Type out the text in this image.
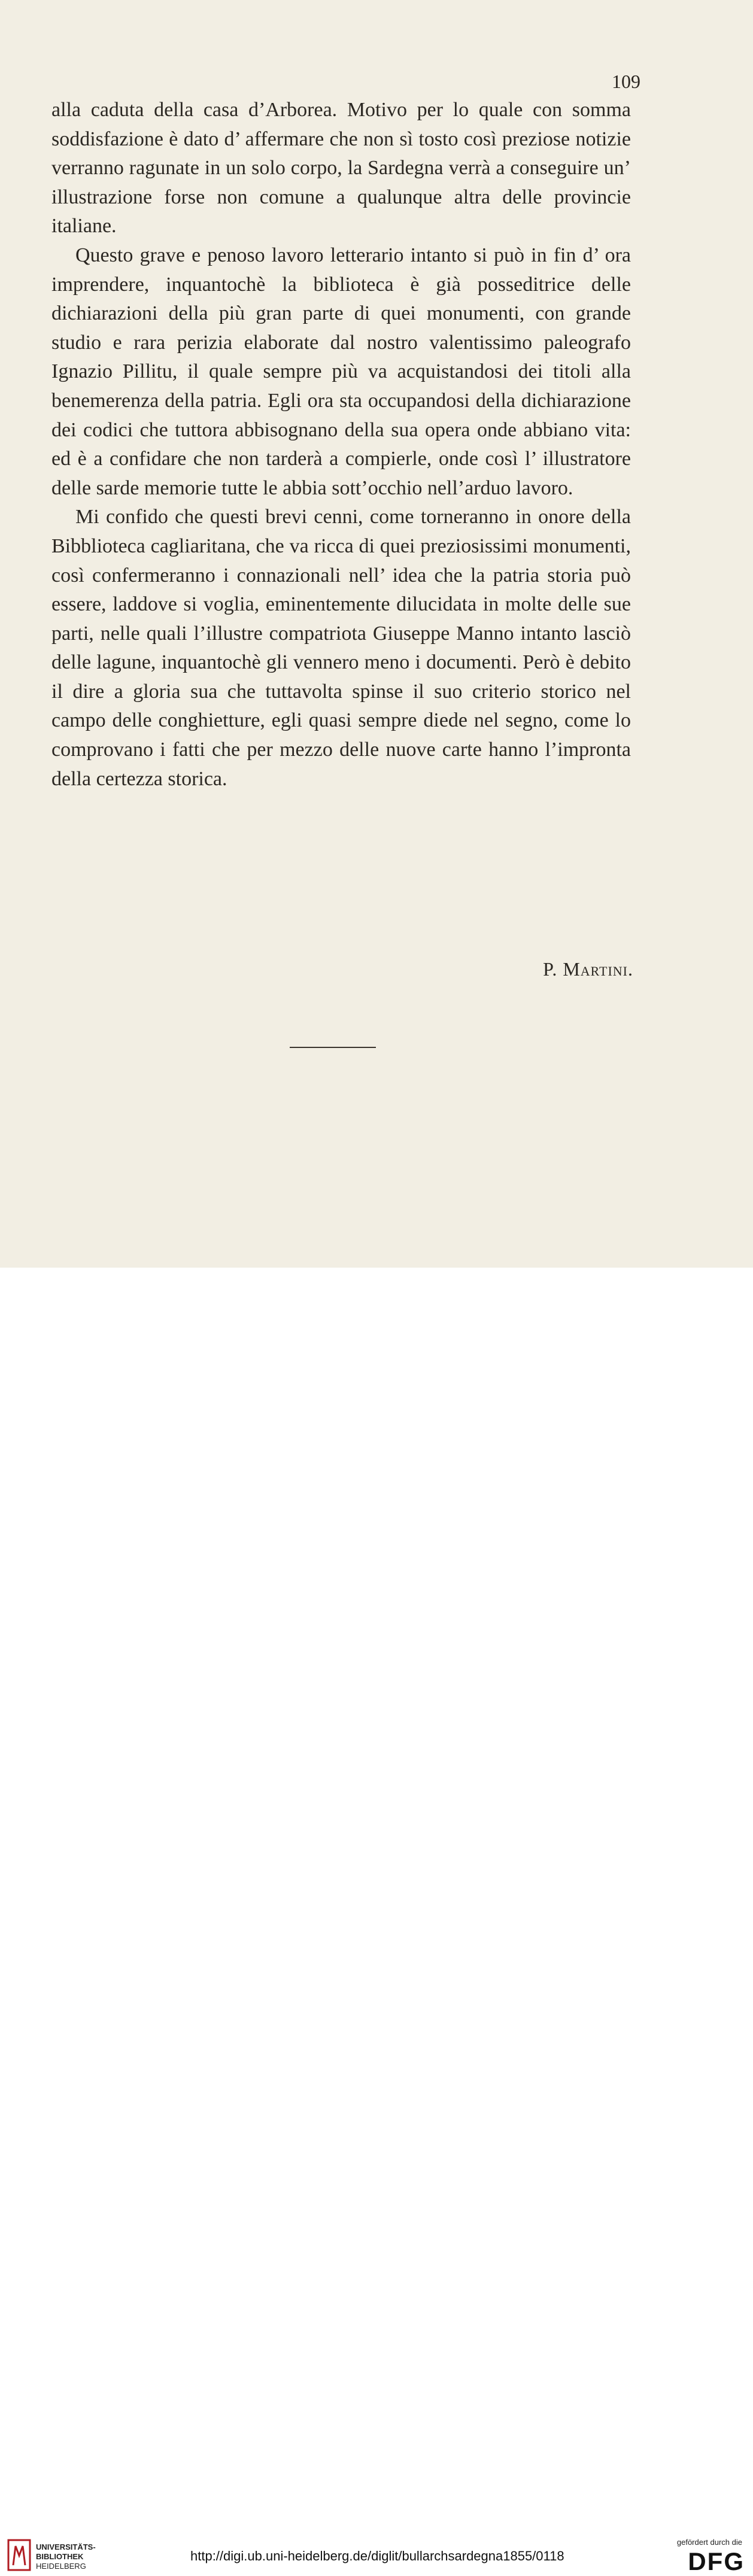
109

alla caduta della casa d’Arborea. Motivo per lo quale con somma soddisfazione è dato d’ affermare che non sì tosto così preziose notizie verranno ragunate in un solo corpo, la Sardegna verrà a conseguire un’ illustrazione forse non comune a qualunque altra delle provincie italiane.

Questo grave e penoso lavoro letterario intanto si può in fin d’ ora imprendere, inquantochè la biblioteca è già posseditrice delle dichiarazioni della più gran parte di quei monumenti, con grande studio e rara perizia elaborate dal nostro valentissimo paleografo Ignazio Pillitu, il quale sempre più va acquistandosi dei titoli alla benemerenza della patria. Egli ora sta occupandosi della dichiarazione dei codici che tuttora abbisognano della sua opera onde abbiano vita: ed è a confidare che non tarderà a compierle, onde così l’ illustratore delle sarde memorie tutte le abbia sott’occhio nell’arduo lavoro.

Mi confido che questi brevi cenni, come torneranno in onore della Bibblioteca cagliaritana, che va ricca di quei preziosissimi monumenti, così confermeranno i connazionali nell’ idea che la patria storia può essere, laddove si voglia, eminentemente dilucidata in molte delle sue parti, nelle quali l’illustre compatriota Giuseppe Manno intanto lasciò delle lagune, inquantochè gli vennero meno i documenti. Però è debito il dire a gloria sua che tuttavolta spinse il suo criterio storico nel campo delle conghietture, egli quasi sempre diede nel segno, come lo comprovano i fatti che per mezzo delle nuove carte hanno l’impronta della certezza storica.

P. Martini.
UNIVERSITÄTS-
BIBLIOTHEK
HEIDELBERG
http://digi.ub.uni-heidelberg.de/diglit/bullarchsardegna1855/0118
gefördert durch die
DFG
